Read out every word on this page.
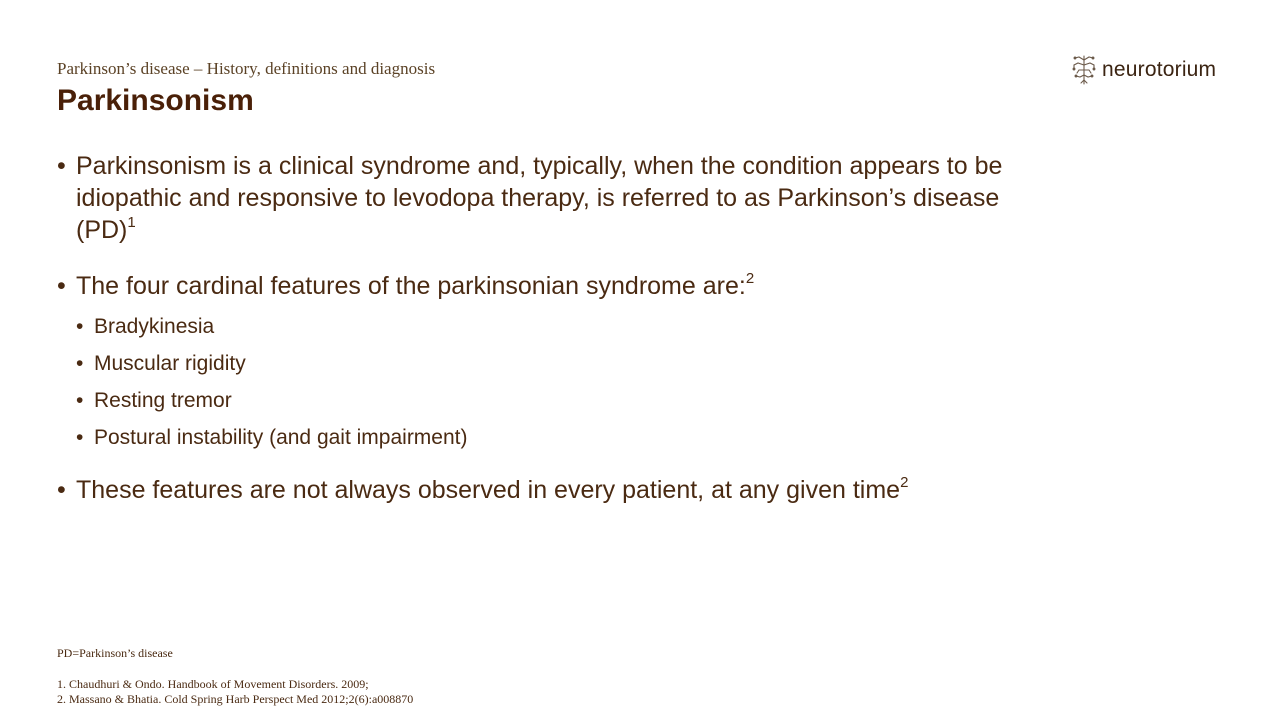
Parkinson’s disease – History, definitions and diagnosis
Parkinsonism
neurotorium
• Parkinsonism is a clinical syndrome and, typically, when the condition appears to be idiopathic and responsive to levodopa therapy, is referred to as Parkinson’s disease (PD)$^1$
• The four cardinal features of the parkinsonian syndrome are:$^2$
• Bradykinesia
• Muscular rigidity
• Resting tremor
• Postural instability (and gait impairment)
• These features are not always observed in every patient, at any given time$^2$
PD=Parkinson’s disease
1. Chaudhuri & Ondo. Handbook of Movement Disorders. 2009;
2. Massano & Bhatia. Cold Spring Harb Perspect Med 2012;2(6):a008870
